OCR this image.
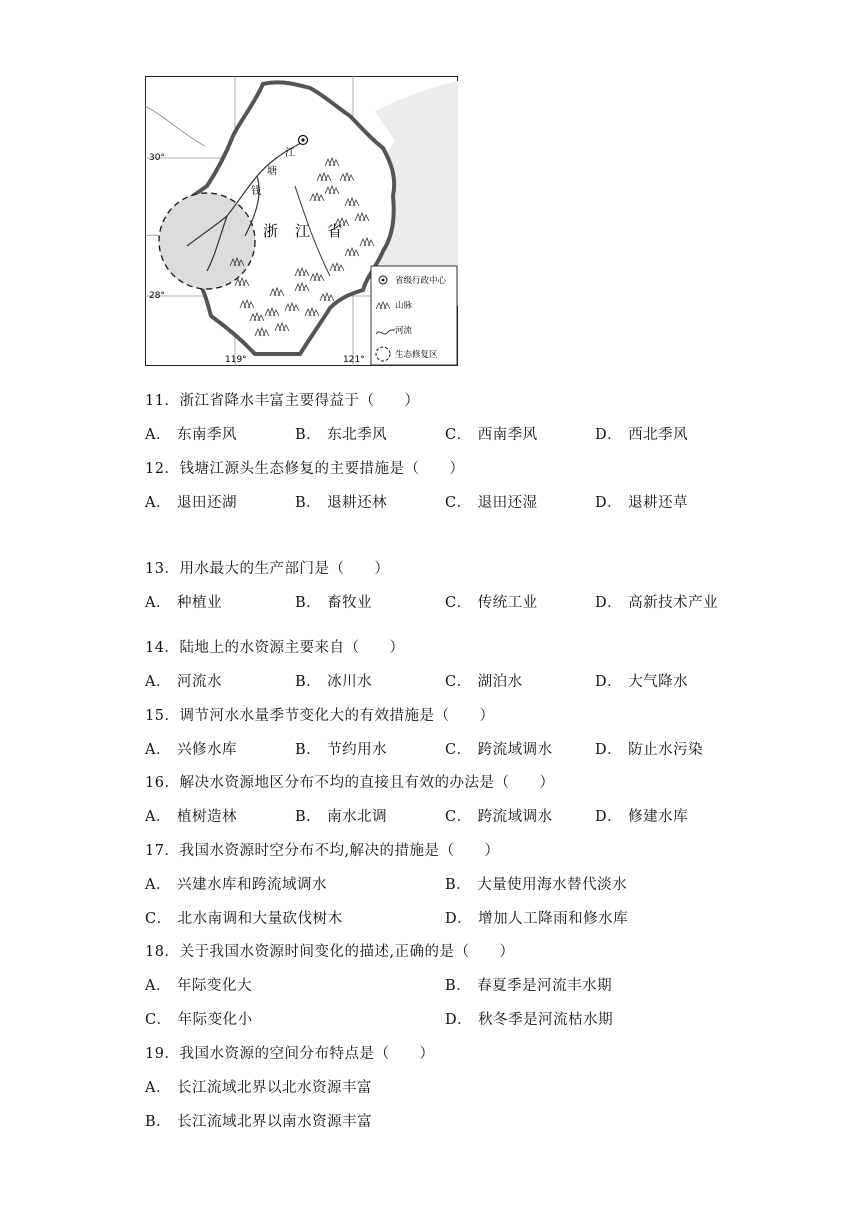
30°
28°
119°	121°
江
塘
钱
浙 江 省
省级行政中心
山脉
河流
生态修复区
11．浙江省降水丰富主要得益于（　　）
A． 东南季风	B． 东北季风	C． 西南季风	D． 西北季风
12．钱塘江源头生态修复的主要措施是（　　）
A． 退田还湖	B． 退耕还林	C． 退田还湿	D． 退耕还草
13．用水最大的生产部门是（　　）
A． 种植业	B． 畜牧业	C． 传统工业	D． 高新技术产业
14．陆地上的水资源主要来自（　　）
A． 河流水	B． 冰川水	C． 湖泊水	D． 大气降水
15．调节河水水量季节变化大的有效措施是（　　）
A． 兴修水库	B． 节约用水	C． 跨流域调水	D． 防止水污染
16．解决水资源地区分布不均的直接且有效的办法是（　　）
A． 植树造林	B． 南水北调	C． 跨流域调水	D． 修建水库
17．我国水资源时空分布不均,解决的措施是（　　）
A． 兴建水库和跨流域调水	B． 大量使用海水替代淡水
C． 北水南调和大量砍伐树木	D． 增加人工降雨和修水库
18．关于我国水资源时间变化的描述,正确的是（　　）
A． 年际变化大	B． 春夏季是河流丰水期
C． 年际变化小	D． 秋冬季是河流枯水期
19．我国水资源的空间分布特点是（　　）
A． 长江流域北界以北水资源丰富
B． 长江流域北界以南水资源丰富
